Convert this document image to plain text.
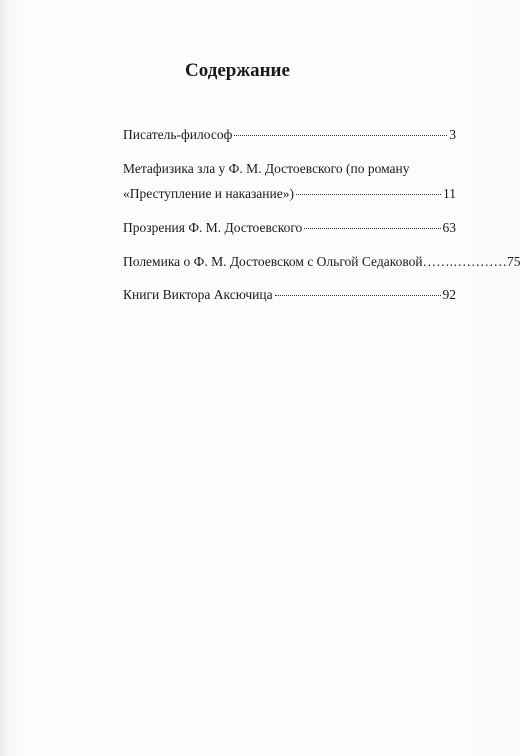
Содержание
Писатель-философ	3
Метафизика зла у Ф. М. Достоевского (по роману
«Преступление и наказание»)	11
Прозрения Ф. М. Достоевского	63
Полемика о Ф. М. Достоевском с Ольгой Седаковой…….………… 75
Книги Виктора Аксючица	92
